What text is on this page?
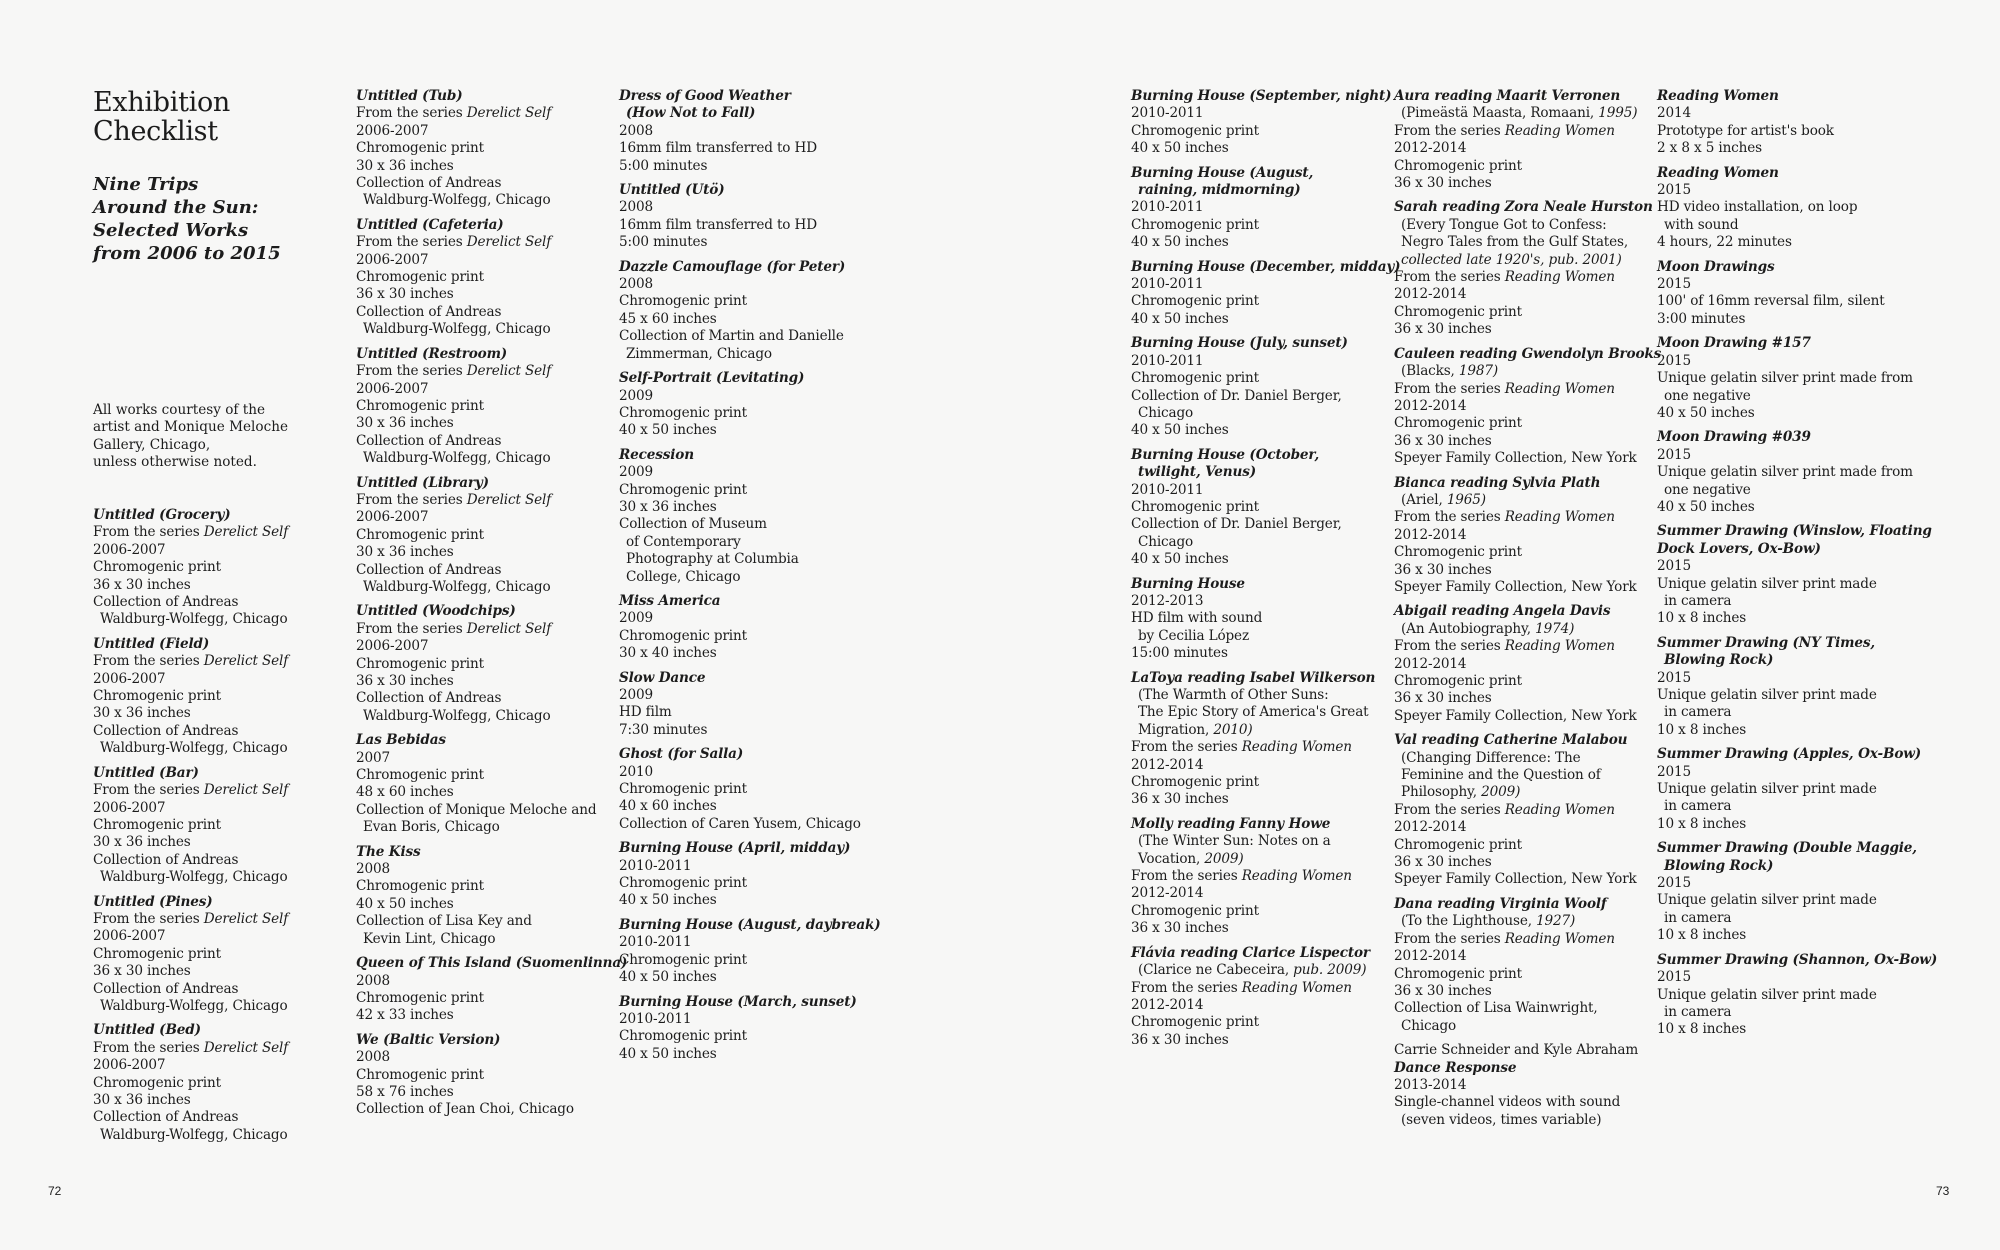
Exhibition
Checklist
Nine Trips
Around the Sun:
Selected Works
from 2006 to 2015
All works courtesy of the
artist and Monique Meloche
Gallery, Chicago,
unless otherwise noted.
Untitled (Grocery)
From the series Derelict Self
2006-2007
Chromogenic print
36 x 30 inches
Collection of Andreas
Waldburg-Wolfegg, Chicago
Untitled (Field)
From the series Derelict Self
2006-2007
Chromogenic print
30 x 36 inches
Collection of Andreas
Waldburg-Wolfegg, Chicago
Untitled (Bar)
From the series Derelict Self
2006-2007
Chromogenic print
30 x 36 inches
Collection of Andreas
Waldburg-Wolfegg, Chicago
Untitled (Pines)
From the series Derelict Self
2006-2007
Chromogenic print
36 x 30 inches
Collection of Andreas
Waldburg-Wolfegg, Chicago
Untitled (Bed)
From the series Derelict Self
2006-2007
Chromogenic print
30 x 36 inches
Collection of Andreas
Waldburg-Wolfegg, Chicago
Untitled (Tub)
From the series Derelict Self
2006-2007
Chromogenic print
30 x 36 inches
Collection of Andreas
Waldburg-Wolfegg, Chicago
Untitled (Cafeteria)
From the series Derelict Self
2006-2007
Chromogenic print
36 x 30 inches
Collection of Andreas
Waldburg-Wolfegg, Chicago
Untitled (Restroom)
From the series Derelict Self
2006-2007
Chromogenic print
30 x 36 inches
Collection of Andreas
Waldburg-Wolfegg, Chicago
Untitled (Library)
From the series Derelict Self
2006-2007
Chromogenic print
30 x 36 inches
Collection of Andreas
Waldburg-Wolfegg, Chicago
Untitled (Woodchips)
From the series Derelict Self
2006-2007
Chromogenic print
36 x 30 inches
Collection of Andreas
Waldburg-Wolfegg, Chicago
Las Bebidas
2007
Chromogenic print
48 x 60 inches
Collection of Monique Meloche and
Evan Boris, Chicago
The Kiss
2008
Chromogenic print
40 x 50 inches
Collection of Lisa Key and
Kevin Lint, Chicago
Queen of This Island (Suomenlinna)
2008
Chromogenic print
42 x 33 inches
We (Baltic Version)
2008
Chromogenic print
58 x 76 inches
Collection of Jean Choi, Chicago
Dress of Good Weather
(How Not to Fall)
2008
16mm film transferred to HD
5:00 minutes
Untitled (Utö)
2008
16mm film transferred to HD
5:00 minutes
Dazzle Camouflage (for Peter)
2008
Chromogenic print
45 x 60 inches
Collection of Martin and Danielle
Zimmerman, Chicago
Self-Portrait (Levitating)
2009
Chromogenic print
40 x 50 inches
Recession
2009
Chromogenic print
30 x 36 inches
Collection of Museum
of Contemporary
Photography at Columbia
College, Chicago
Miss America
2009
Chromogenic print
30 x 40 inches
Slow Dance
2009
HD film
7:30 minutes
Ghost (for Salla)
2010
Chromogenic print
40 x 60 inches
Collection of Caren Yusem, Chicago
Burning House (April, midday)
2010-2011
Chromogenic print
40 x 50 inches
Burning House (August, daybreak)
2010-2011
Chromogenic print
40 x 50 inches
Burning House (March, sunset)
2010-2011
Chromogenic print
40 x 50 inches
Burning House (September, night)
2010-2011
Chromogenic print
40 x 50 inches
Burning House (August,
raining, midmorning)
2010-2011
Chromogenic print
40 x 50 inches
Burning House (December, midday)
2010-2011
Chromogenic print
40 x 50 inches
Burning House (July, sunset)
2010-2011
Chromogenic print
Collection of Dr. Daniel Berger,
Chicago
40 x 50 inches
Burning House (October,
twilight, Venus)
2010-2011
Chromogenic print
Collection of Dr. Daniel Berger,
Chicago
40 x 50 inches
Burning House
2012-2013
HD film with sound
by Cecilia López
15:00 minutes
LaToya reading Isabel Wilkerson
(The Warmth of Other Suns:
The Epic Story of America's Great
Migration, 2010)
From the series Reading Women
2012-2014
Chromogenic print
36 x 30 inches
Molly reading Fanny Howe
(The Winter Sun: Notes on a
Vocation, 2009)
From the series Reading Women
2012-2014
Chromogenic print
36 x 30 inches
Flávia reading Clarice Lispector
(Clarice ne Cabeceira, pub. 2009)
From the series Reading Women
2012-2014
Chromogenic print
36 x 30 inches
Aura reading Maarit Verronen
(Pimeästä Maasta, Romaani, 1995)
From the series Reading Women
2012-2014
Chromogenic print
36 x 30 inches
Sarah reading Zora Neale Hurston
(Every Tongue Got to Confess:
Negro Tales from the Gulf States,
collected late 1920's, pub. 2001)
From the series Reading Women
2012-2014
Chromogenic print
36 x 30 inches
Cauleen reading Gwendolyn Brooks
(Blacks, 1987)
From the series Reading Women
2012-2014
Chromogenic print
36 x 30 inches
Speyer Family Collection, New York
Bianca reading Sylvia Plath
(Ariel, 1965)
From the series Reading Women
2012-2014
Chromogenic print
36 x 30 inches
Speyer Family Collection, New York
Abigail reading Angela Davis
(An Autobiography, 1974)
From the series Reading Women
2012-2014
Chromogenic print
36 x 30 inches
Speyer Family Collection, New York
Val reading Catherine Malabou
(Changing Difference: The
Feminine and the Question of
Philosophy, 2009)
From the series Reading Women
2012-2014
Chromogenic print
36 x 30 inches
Speyer Family Collection, New York
Dana reading Virginia Woolf
(To the Lighthouse, 1927)
From the series Reading Women
2012-2014
Chromogenic print
36 x 30 inches
Collection of Lisa Wainwright,
Chicago
Carrie Schneider and Kyle Abraham
Dance Response
2013-2014
Single-channel videos with sound
(seven videos, times variable)
Reading Women
2014
Prototype for artist's book
2 x 8 x 5 inches
Reading Women
2015
HD video installation, on loop
with sound
4 hours, 22 minutes
Moon Drawings
2015
100' of 16mm reversal film, silent
3:00 minutes
Moon Drawing #157
2015
Unique gelatin silver print made from
one negative
40 x 50 inches
Moon Drawing #039
2015
Unique gelatin silver print made from
one negative
40 x 50 inches
Summer Drawing (Winslow, Floating
Dock Lovers, Ox-Bow)
2015
Unique gelatin silver print made
in camera
10 x 8 inches
Summer Drawing (NY Times,
Blowing Rock)
2015
Unique gelatin silver print made
in camera
10 x 8 inches
Summer Drawing (Apples, Ox-Bow)
2015
Unique gelatin silver print made
in camera
10 x 8 inches
Summer Drawing (Double Maggie,
Blowing Rock)
2015
Unique gelatin silver print made
in camera
10 x 8 inches
Summer Drawing (Shannon, Ox-Bow)
2015
Unique gelatin silver print made
in camera
10 x 8 inches
72	73
